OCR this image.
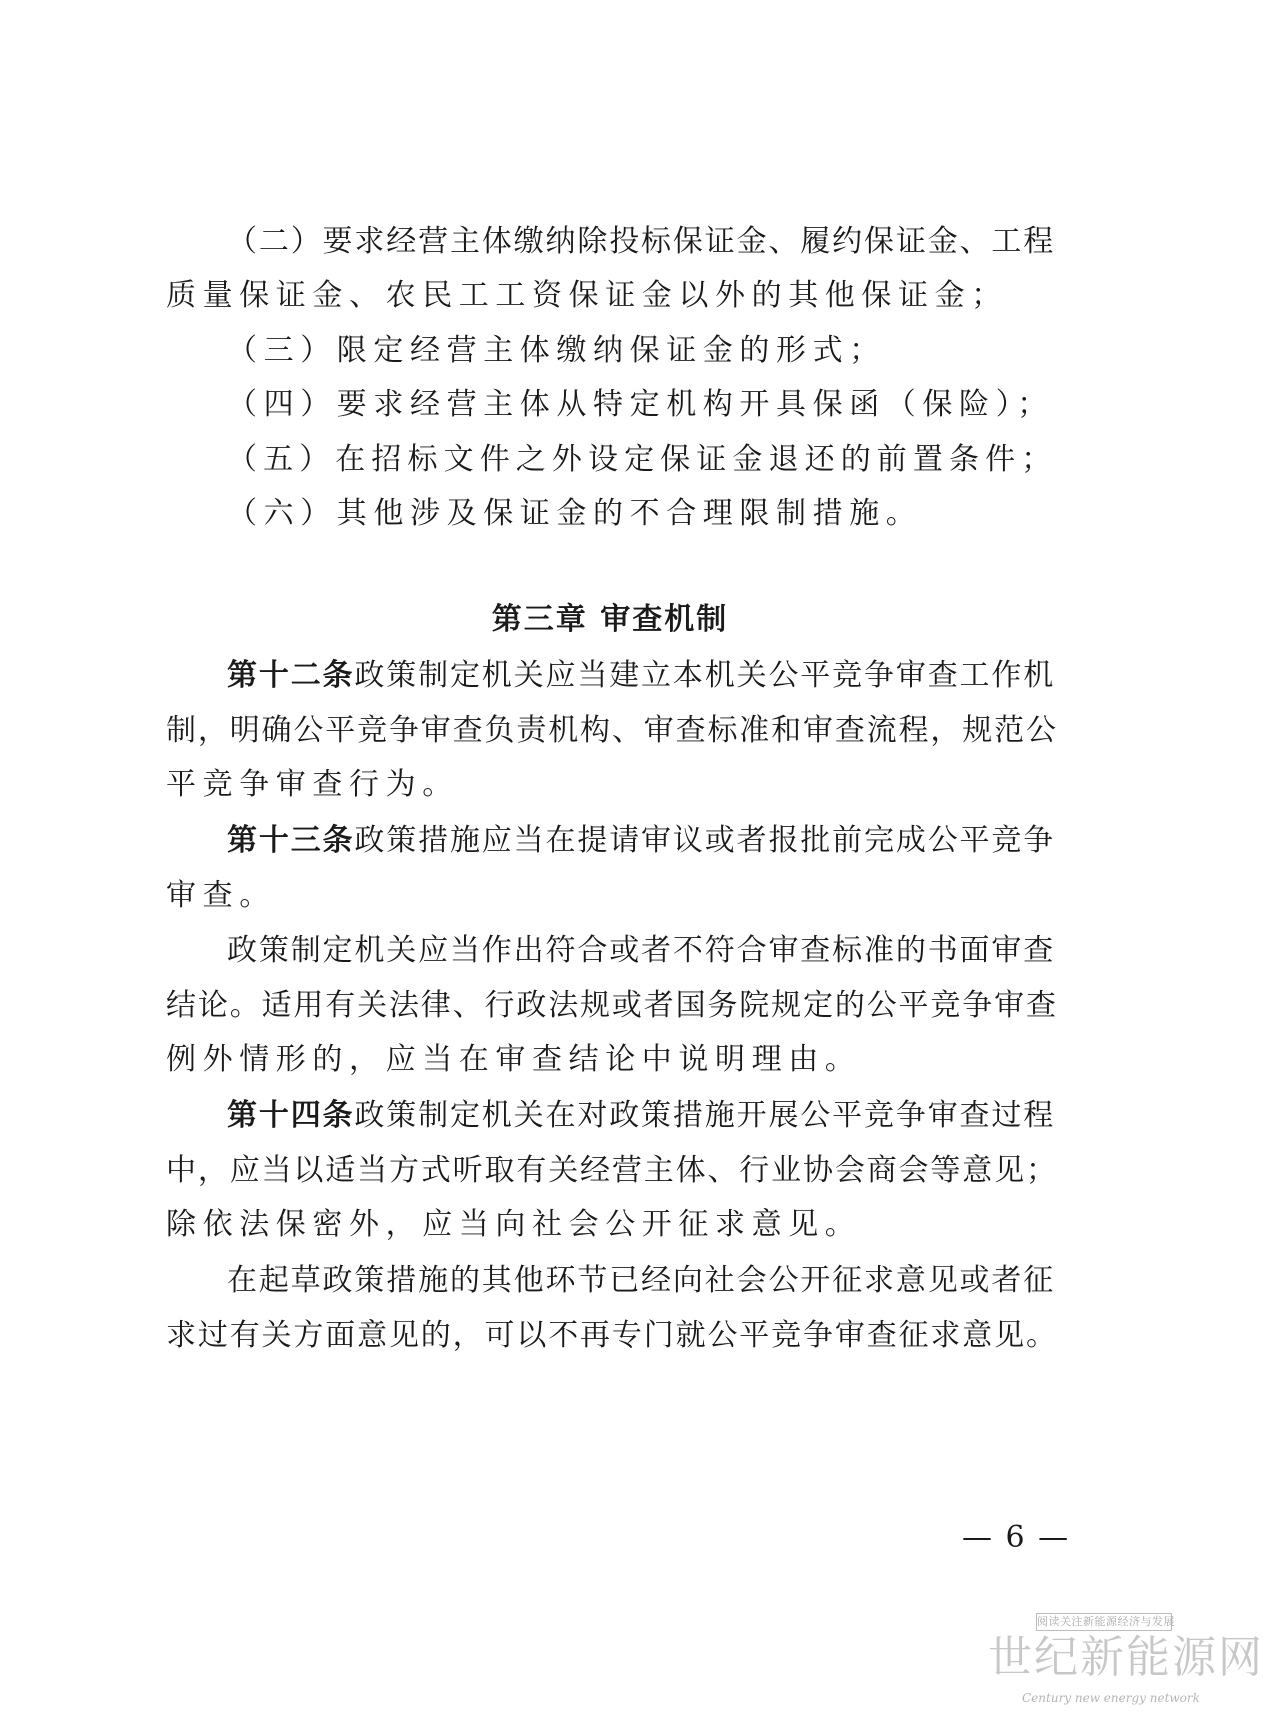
（二）要求经营主体缴纳除投标保证金、履约保证金、工程
质量保证金、农民工工资保证金以外的其他保证金；
（三）限定经营主体缴纳保证金的形式；
（四）要求经营主体从特定机构开具保函（保险）；
（五）在招标文件之外设定保证金退还的前置条件；
（六）其他涉及保证金的不合理限制措施。
第三章 审查机制
第十二条政策制定机关应当建立本机关公平竞争审查工作机
制，明确公平竞争审查负责机构、审查标准和审查流程，规范公
平竞争审查行为。
第十三条政策措施应当在提请审议或者报批前完成公平竞争
审查。
政策制定机关应当作出符合或者不符合审查标准的书面审查
结论。适用有关法律、行政法规或者国务院规定的公平竞争审查
例外情形的，应当在审查结论中说明理由。
第十四条政策制定机关在对政策措施开展公平竞争审查过程
中，应当以适当方式听取有关经营主体、行业协会商会等意见；
除依法保密外，应当向社会公开征求意见。
在起草政策措施的其他环节已经向社会公开征求意见或者征
求过有关方面意见的，可以不再专门就公平竞争审查征求意见。
— 6 —
阅读关注新能源经济与发展
世纪新能源网
Century new energy network
